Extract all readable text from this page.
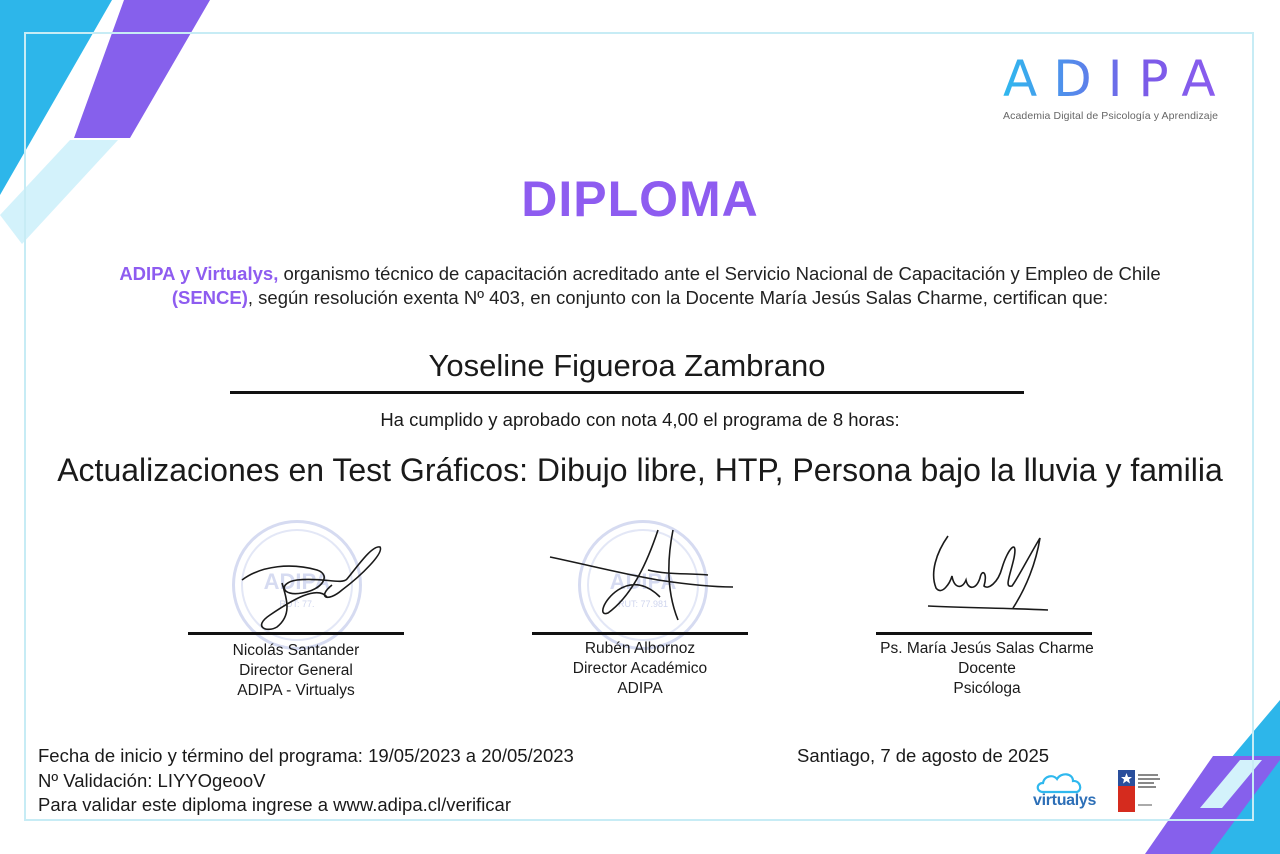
ADIPA
Academia Digital de Psicología y Aprendizaje
DIPLOMA
ADIPA y Virtualys, organismo técnico de capacitación acreditado ante el Servicio Nacional de Capacitación y Empleo de Chile (SENCE), según resolución exenta Nº 403, en conjunto con la Docente María Jesús Salas Charme, certifican que:
Yoseline Figueroa Zambrano
Ha cumplido y aprobado con nota 4,00 el programa de 8 horas:
Actualizaciones en Test Gráficos: Dibujo libre, HTP, Persona bajo la lluvia y familia
ADIPA
RUT: 77.
ADIPA
RUT: 77.981
Nicolás Santander
Director General
ADIPA - Virtualys
Rubén Albornoz
Director Académico
ADIPA
Ps. María Jesús Salas Charme
Docente
Psicóloga
Fecha de inicio y término del programa: 19/05/2023 a 20/05/2023
Nº Validación: LIYYOgeooV
Para validar este diploma ingrese a www.adipa.cl/verificar
Santiago, 7 de agosto de 2025
virtualys
